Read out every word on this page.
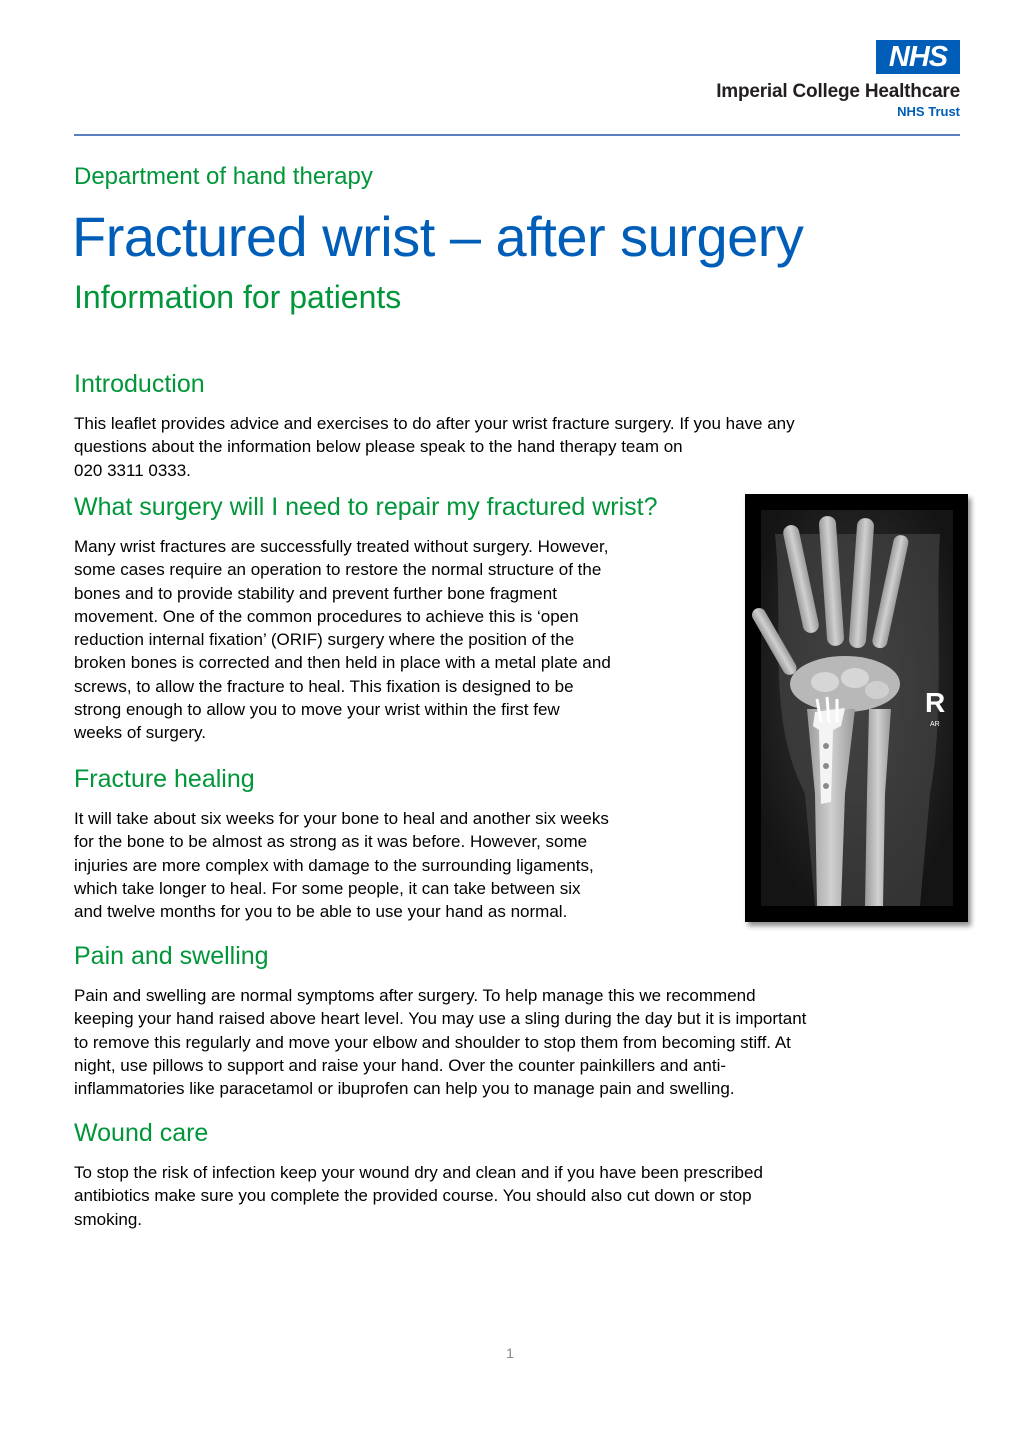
NHS
Imperial College Healthcare
NHS Trust
Department of hand therapy
Fractured wrist – after surgery
Information for patients
Introduction

This leaflet provides advice and exercises to do after your wrist fracture surgery. If you have any
questions about the information below please speak to the hand therapy team on
020 3311 0333.

What surgery will I need to repair my fractured wrist?

Many wrist fractures are successfully treated without surgery. However,
some cases require an operation to restore the normal structure of the
bones and to provide stability and prevent further bone fragment
movement. One of the common procedures to achieve this is ‘open
reduction internal fixation’ (ORIF) surgery where the position of the
broken bones is corrected and then held in place with a metal plate and
screws, to allow the fracture to heal. This fixation is designed to be
strong enough to allow you to move your wrist within the first few
weeks of surgery.

Fracture healing

It will take about six weeks for your bone to heal and another six weeks
for the bone to be almost as strong as it was before. However, some
injuries are more complex with damage to the surrounding ligaments,
which take longer to heal. For some people, it can take between six
and twelve months for you to be able to use your hand as normal.

Pain and swelling

Pain and swelling are normal symptoms after surgery. To help manage this we recommend
keeping your hand raised above heart level. You may use a sling during the day but it is important
to remove this regularly and move your elbow and shoulder to stop them from becoming stiff. At
night, use pillows to support and raise your hand. Over the counter painkillers and anti-
inflammatories like paracetamol or ibuprofen can help you to manage pain and swelling.

Wound care

To stop the risk of infection keep your wound dry and clean and if you have been prescribed
antibiotics make sure you complete the provided course. You should also cut down or stop
smoking.

R
AR
1
